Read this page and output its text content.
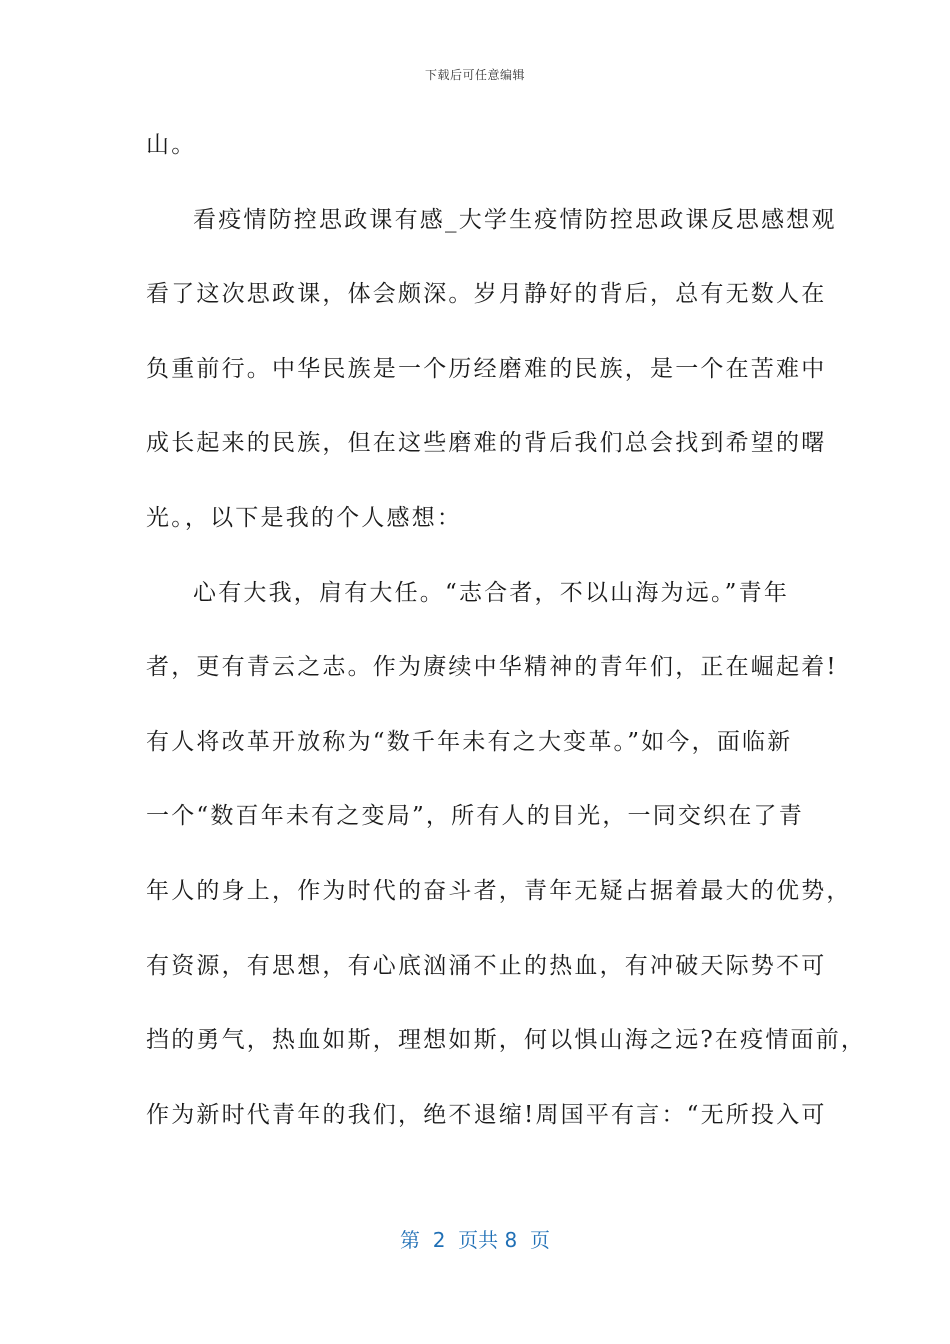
下载后可任意编辑
山。
看疫情防控思政课有感_大学生疫情防控思政课反思感想观
看了这次思政课，体会颇深。岁月静好的背后，总有无数人在
负重前行。中华民族是一个历经磨难的民族，是一个在苦难中
成长起来的民族，但在这些磨难的背后我们总会找到希望的曙
光。，以下是我的个人感想：
心有大我，肩有大任。“志合者，不以山海为远。”青年
者，更有青云之志。作为赓续中华精神的青年们，正在崛起着!
有人将改革开放称为“数千年未有之大变革。”如今，面临新
一个“数百年未有之变局”，所有人的目光，一同交织在了青
年人的身上，作为时代的奋斗者，青年无疑占据着最大的优势，
有资源，有思想，有心底汹涌不止的热血，有冲破天际势不可
挡的勇气，热血如斯，理想如斯，何以惧山海之远?在疫情面前，
作为新时代青年的我们，绝不退缩!周国平有言：“无所投入可
第  2  页共 8  页
